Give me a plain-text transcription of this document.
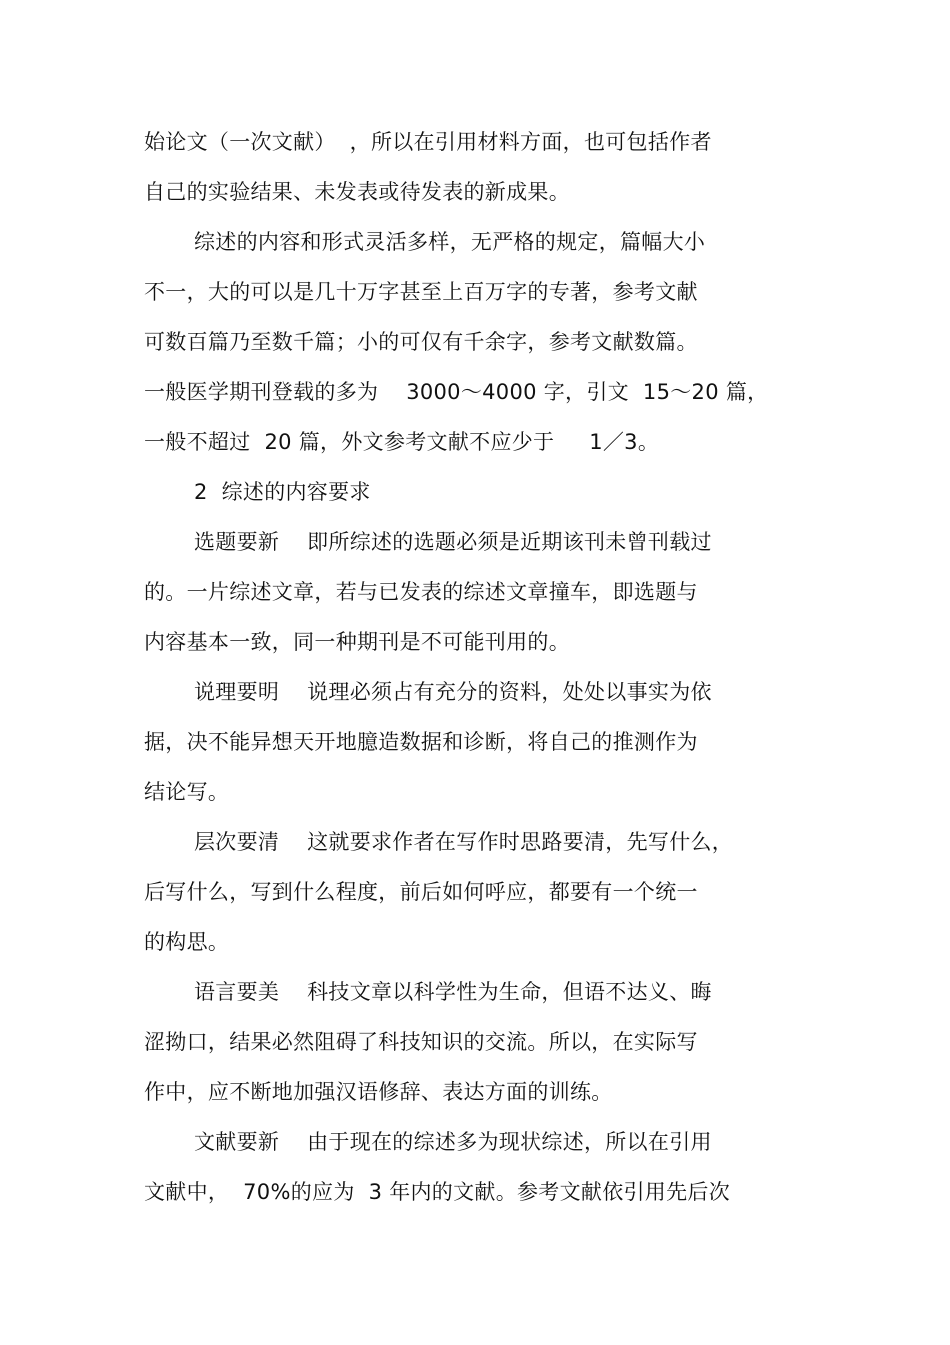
始论文（一次文献）  ，所以在引用材料方面，也可包括作者
自己的实验结果、未发表或待发表的新成果。
综述的内容和形式灵活多样，无严格的规定，篇幅大小
不一，大的可以是几十万字甚至上百万字的专著，参考文献
可数百篇乃至数千篇；小的可仅有千余字，参考文献数篇。
一般医学期刊登载的多为    3000～4000 字，引文  15～20 篇，
一般不超过  20 篇，外文参考文献不应少于     1／3。
2  综述的内容要求
选题要新    即所综述的选题必须是近期该刊未曾刊载过
的。一片综述文章，若与已发表的综述文章撞车，即选题与
内容基本一致，同一种期刊是不可能刊用的。
说理要明    说理必须占有充分的资料，处处以事实为依
据，决不能异想天开地臆造数据和诊断，将自己的推测作为
结论写。
层次要清    这就要求作者在写作时思路要清，先写什么，
后写什么，写到什么程度，前后如何呼应，都要有一个统一
的构思。
语言要美    科技文章以科学性为生命，但语不达义、晦
涩拗口，结果必然阻碍了科技知识的交流。所以，在实际写
作中，应不断地加强汉语修辞、表达方面的训练。
文献要新    由于现在的综述多为现状综述，所以在引用
文献中，  70%的应为  3 年内的文献。参考文献依引用先后次
